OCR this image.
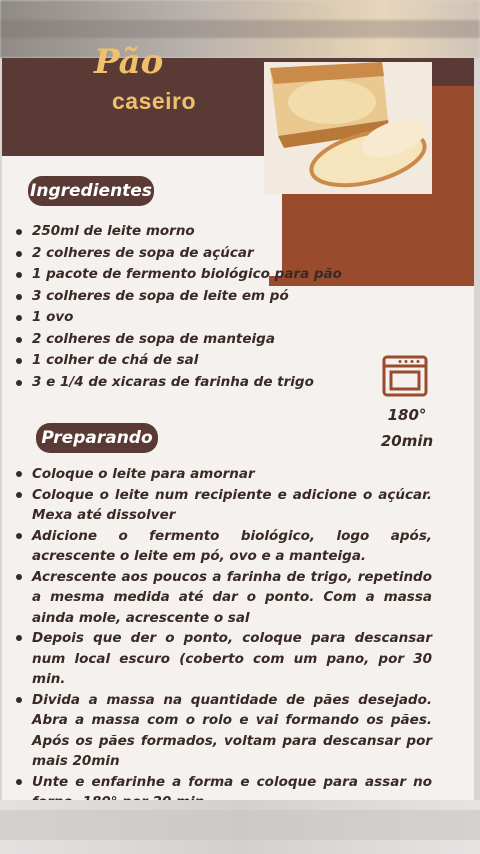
Pão
caseiro
Ingredientes
250ml de leite morno
2 colheres de sopa de açúcar
1 pacote de fermento biológico para pão
3 colheres de sopa de leite em pó
1 ovo
2 colheres de sopa de manteiga
1 colher de chá de sal
3 e 1/4 de xicaras de farinha de trigo
180°
20min
Preparando
Coloque o leite para amornar
Coloque o leite num recipiente e adicione o açúcar. Mexa até dissolver
Adicione o fermento biológico, logo após, acrescente o leite em pó, ovo e a manteiga.
Acrescente aos poucos a farinha de trigo, repetindo a mesma medida até dar o ponto. Com a massa ainda mole, acrescente o sal
Depois que der o ponto, coloque para descansar num local escuro (coberto com um pano, por 30 min.
Divida a massa na quantidade de pães desejado. Abra a massa com o rolo e vai formando os pães. Após os pães formados, voltam para descansar por mais 20min
Unte e enfarinhe a forma e coloque para assar no
